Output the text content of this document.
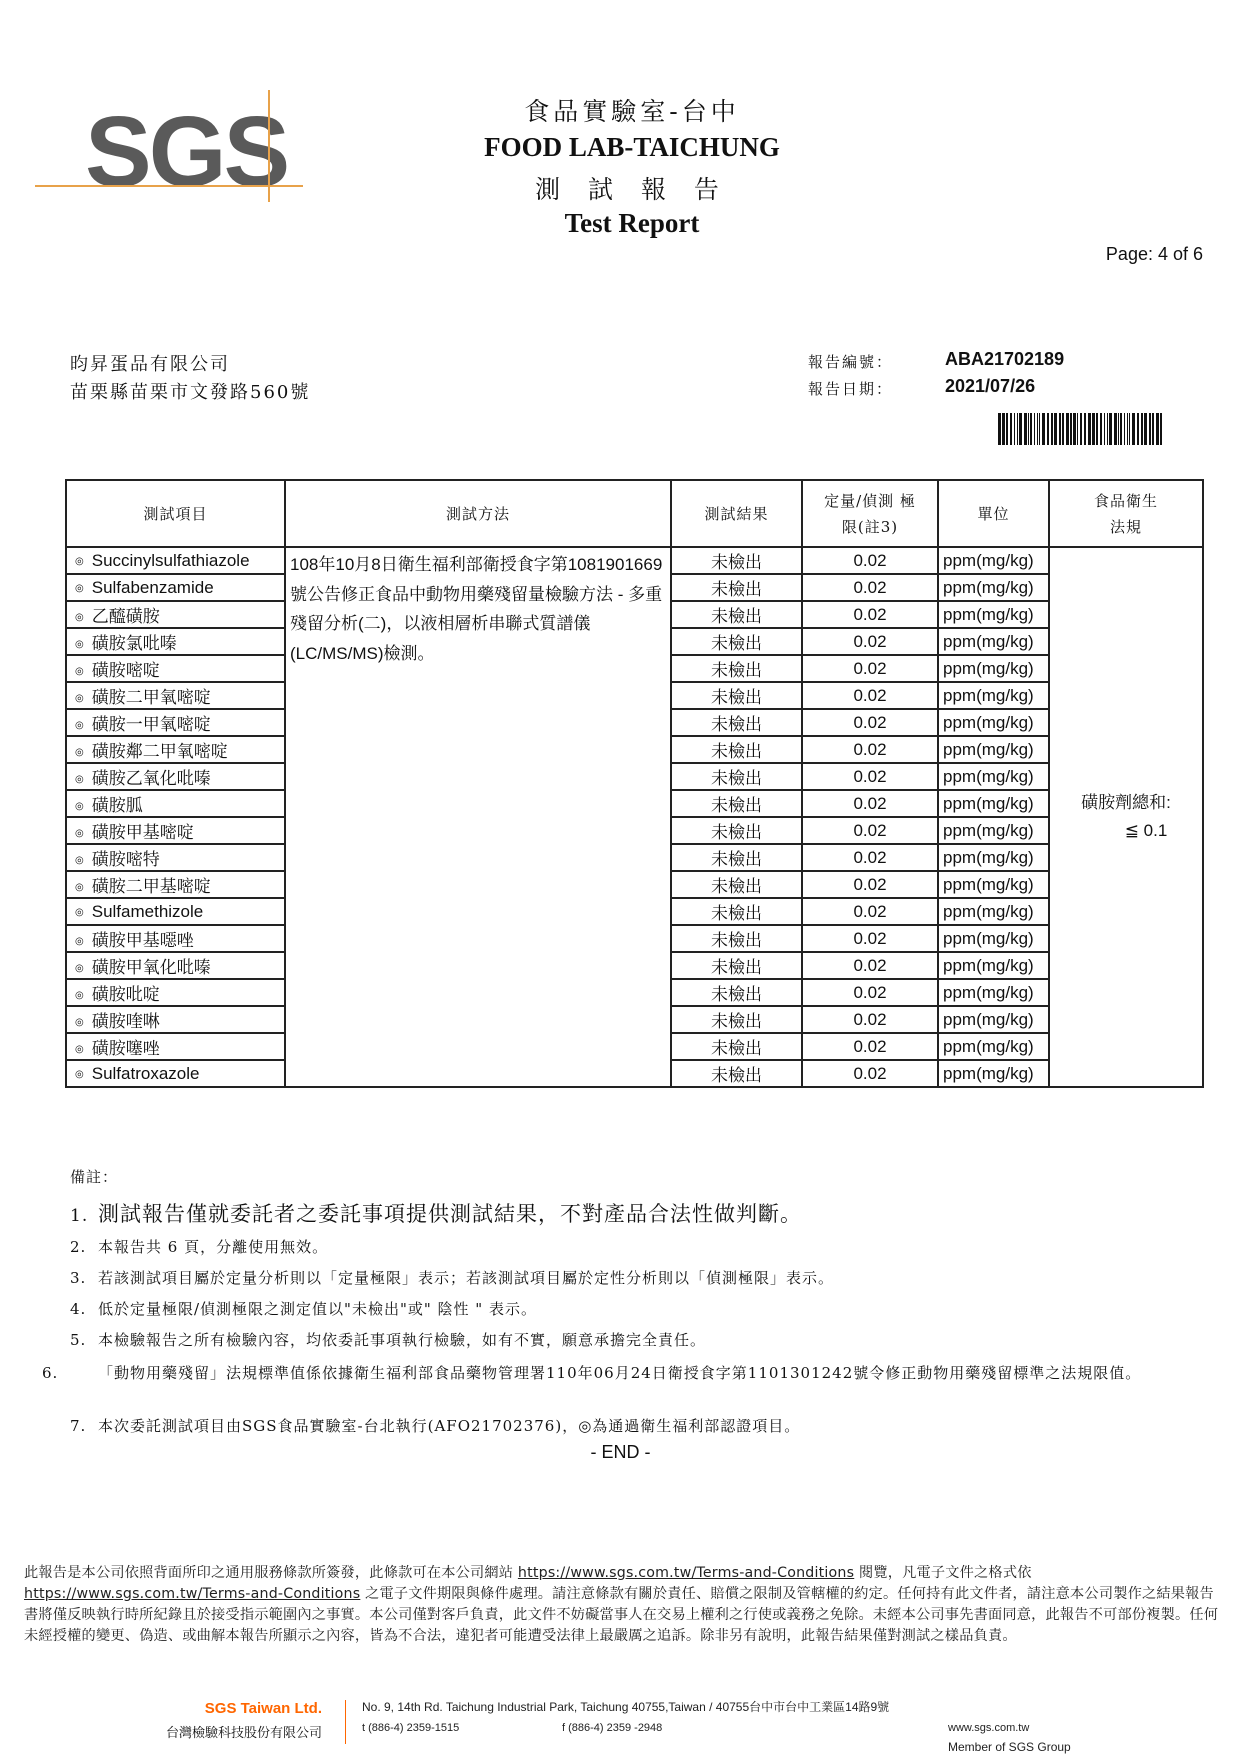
SGS	食品實驗室-台中
FOOD LAB-TAICHUNG
測 試 報 告
Test Report
Page: 4 of 6
昀昇蛋品有限公司
苗栗縣苗栗市文發路560號
報告編號：	ABA21702189
報告日期：	2021/07/26
測試項目	測試方法	測試結果	定量/偵測 極限(註3)	單位	食品衛生 法規

◎ Succinylsulfathiazole	108年10月8日衛生福利部衛授食字第1081901669號公告修正食品中動物用藥殘留量檢驗方法 - 多重殘留分析(二)，以液相層析串聯式質譜儀(LC/MS/MS)檢測。	未檢出	0.02	ppm(mg/kg)	磺胺劑總和:
≦ 0.1

◎ Sulfabenzamide		未檢出	0.02	ppm(mg/kg)	
◎ 乙醯磺胺		未檢出	0.02	ppm(mg/kg)	
◎ 磺胺氯吡嗪		未檢出	0.02	ppm(mg/kg)	
◎ 磺胺嘧啶		未檢出	0.02	ppm(mg/kg)	
◎ 磺胺二甲氧嘧啶		未檢出	0.02	ppm(mg/kg)	
◎ 磺胺一甲氧嘧啶		未檢出	0.02	ppm(mg/kg)	
◎ 磺胺鄰二甲氧嘧啶		未檢出	0.02	ppm(mg/kg)	
◎ 磺胺乙氧化吡嗪		未檢出	0.02	ppm(mg/kg)	
◎ 磺胺胍		未檢出	0.02	ppm(mg/kg)	
◎ 磺胺甲基嘧啶		未檢出	0.02	ppm(mg/kg)	
◎ 磺胺嘧特		未檢出	0.02	ppm(mg/kg)	
◎ 磺胺二甲基嘧啶		未檢出	0.02	ppm(mg/kg)	
◎ Sulfamethizole		未檢出	0.02	ppm(mg/kg)	
◎ 磺胺甲基噁唑		未檢出	0.02	ppm(mg/kg)	
◎ 磺胺甲氧化吡嗪		未檢出	0.02	ppm(mg/kg)	
◎ 磺胺吡啶		未檢出	0.02	ppm(mg/kg)	
◎ 磺胺喹啉		未檢出	0.02	ppm(mg/kg)	
◎ 磺胺噻唑		未檢出	0.02	ppm(mg/kg)	
◎ Sulfatroxazole		未檢出	0.02	ppm(mg/kg)	
備註：
1. 測試報告僅就委託者之委託事項提供測試結果，不對產品合法性做判斷。
2. 本報告共 6 頁，分離使用無效。
3. 若該測試項目屬於定量分析則以「定量極限」表示；若該測試項目屬於定性分析則以「偵測極限」表示。
4. 低於定量極限/偵測極限之測定值以"未檢出"或" 陰性 " 表示。
5. 本檢驗報告之所有檢驗內容，均依委託事項執行檢驗，如有不實，願意承擔完全責任。
6.	「動物用藥殘留」法規標準值係依據衛生福利部食品藥物管理署110年06月24日衛授食字第1101301242號令修正動物用藥殘留標準之法規限值。
7. 本次委託測試項目由SGS食品實驗室-台北執行(AFO21702376)，◎為通過衛生福利部認證項目。
- END -
此報告是本公司依照背面所印之通用服務條款所簽發，此條款可在本公司網站 https://www.sgs.com.tw/Terms-and-Conditions 閱覽，凡電子文件之格式依https://www.sgs.com.tw/Terms-and-Conditions 之電子文件期限與條件處理。請注意條款有關於責任、賠償之限制及管轄權的約定。任何持有此文件者，請注意本公司製作之結果報告書將僅反映執行時所紀錄且於接受指示範圍內之事實。本公司僅對客戶負責，此文件不妨礙當事人在交易上權利之行使或義務之免除。未經本公司事先書面同意，此報告不可部份複製。任何未經授權的變更、偽造、或曲解本報告所顯示之內容，皆為不合法，違犯者可能遭受法律上最嚴厲之追訴。除非另有說明，此報告結果僅對測試之樣品負責。
SGS Taiwan Ltd.
台灣檢驗科技股份有限公司
No. 9, 14th Rd. Taichung Industrial Park, Taichung 40755,Taiwan / 40755台中市台中工業區14路9號
t (886-4) 2359-1515	f (886-4) 2359 -2948	www.sgs.com.tw
Member of SGS Group
